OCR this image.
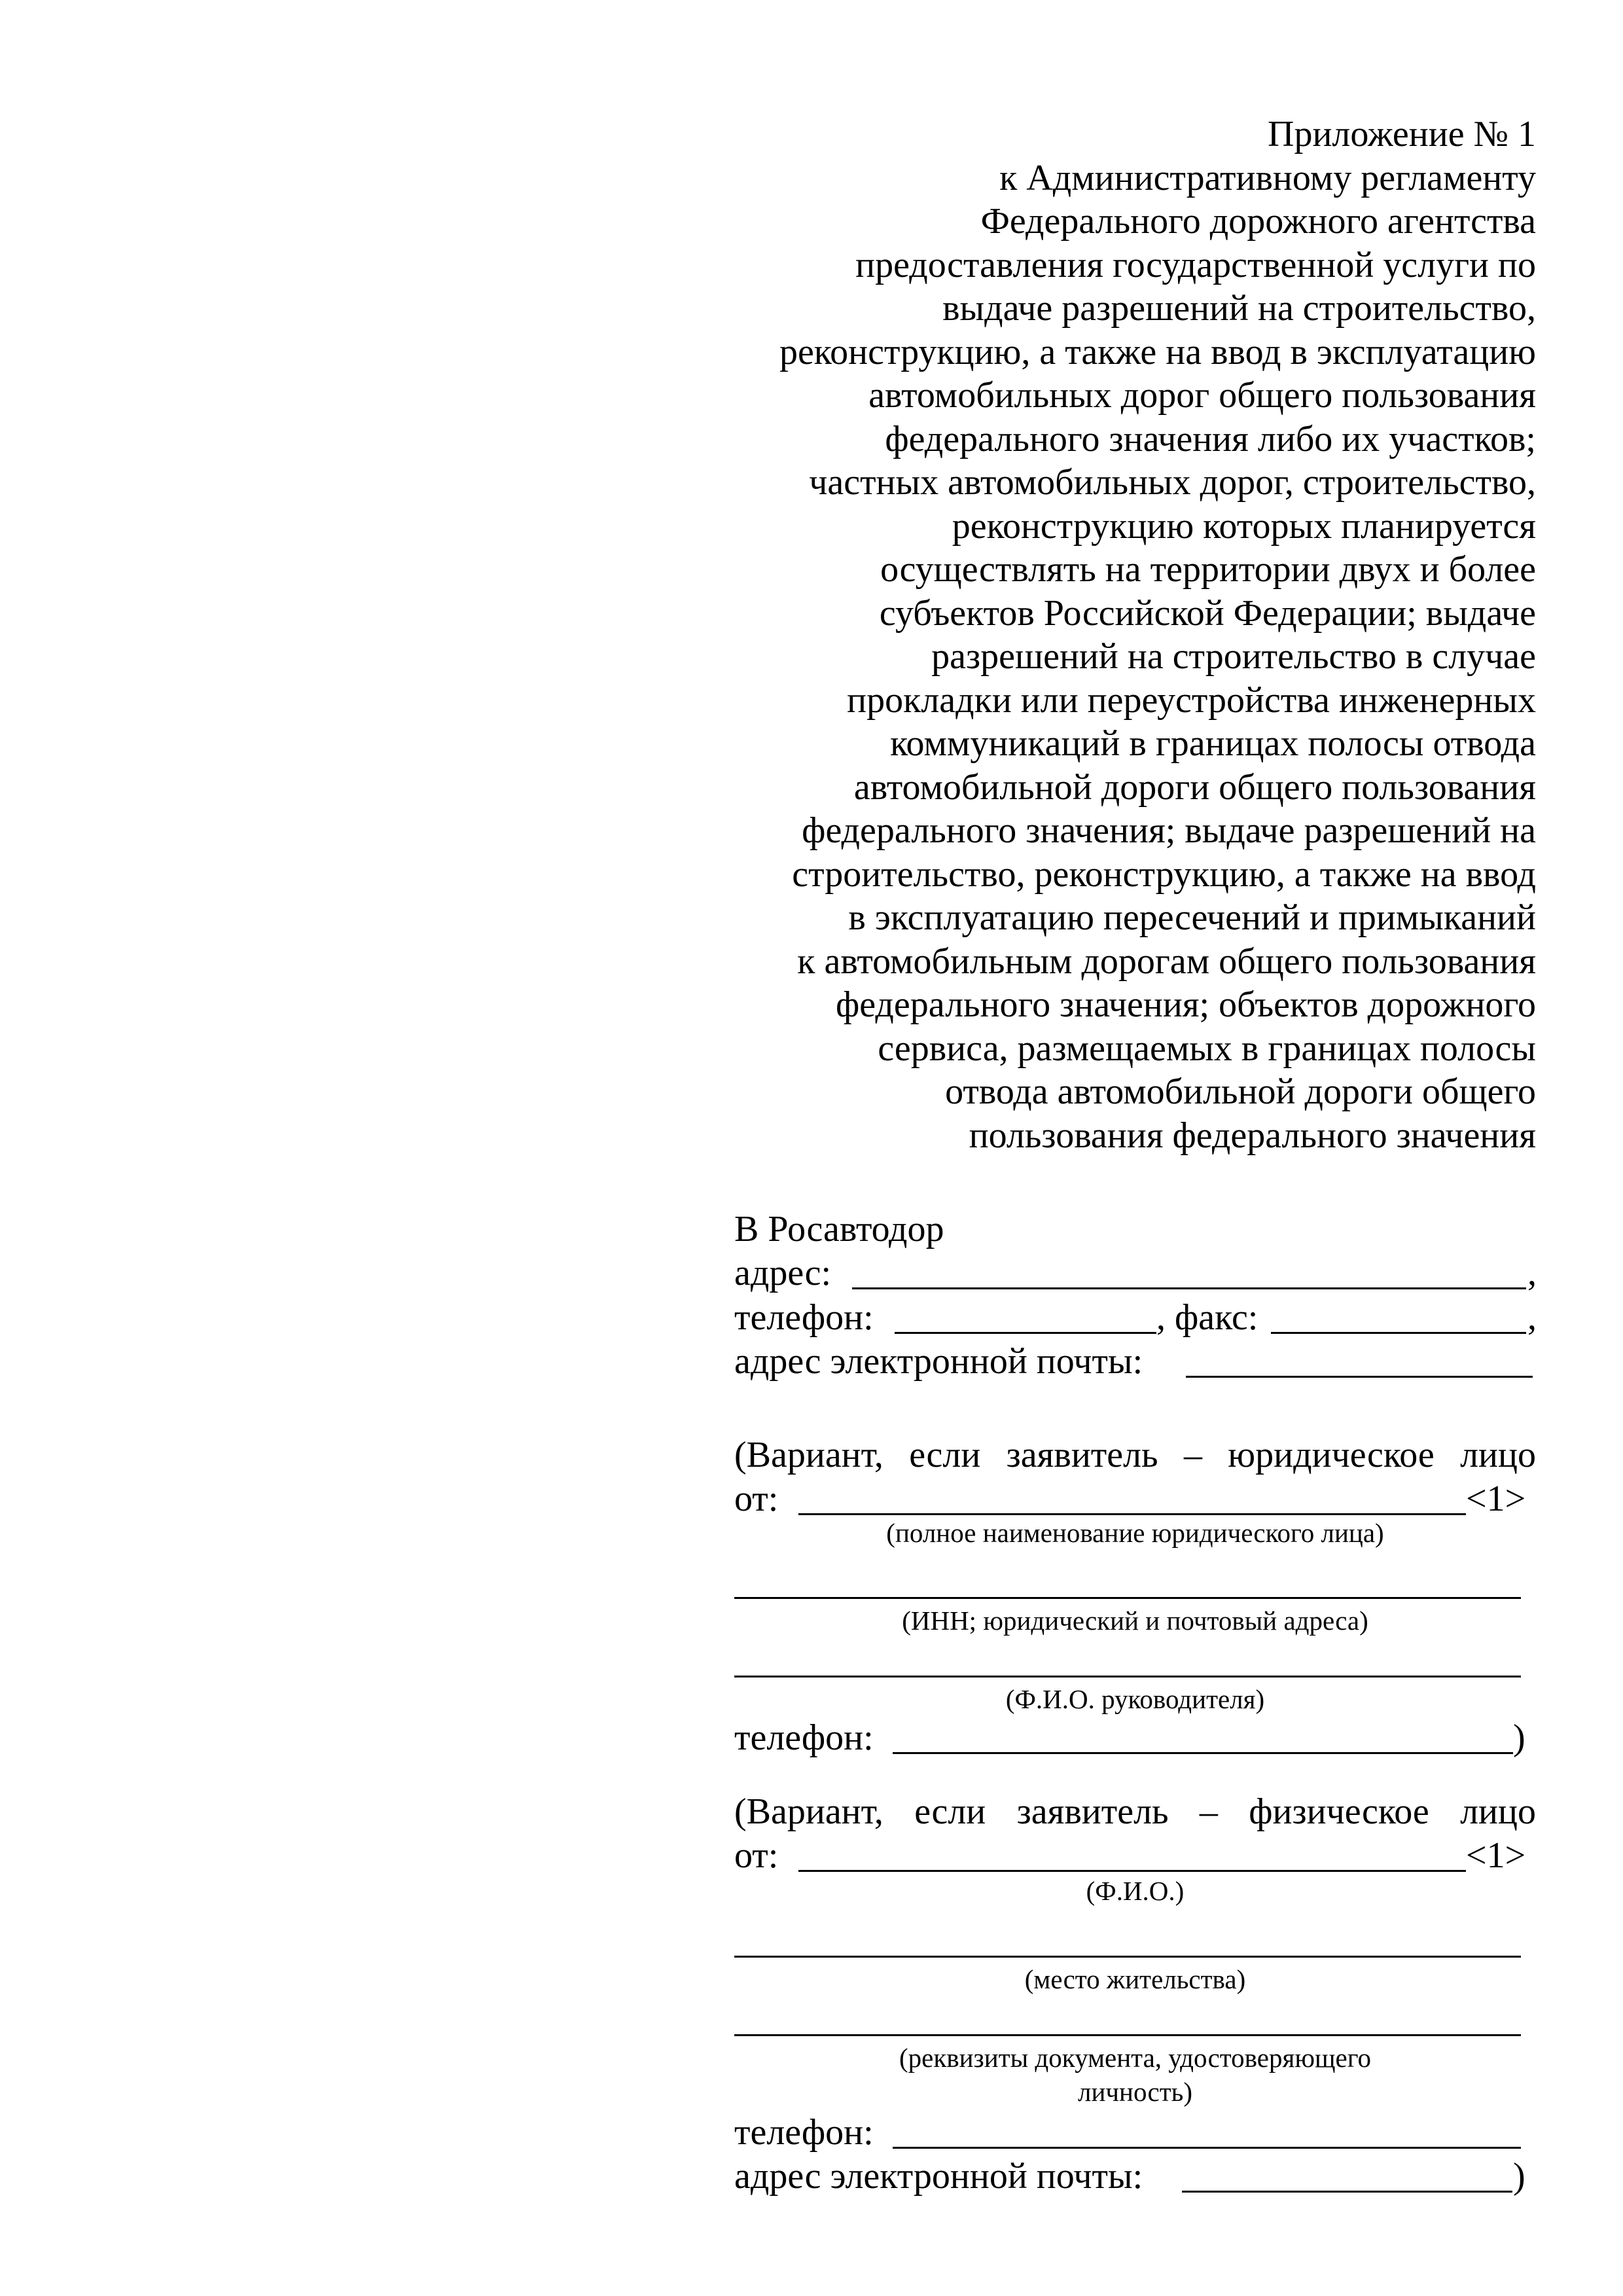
Приложение № 1
к Административному регламенту
Федерального дорожного агентства
предоставления государственной услуги по
выдаче разрешений на строительство,
реконструкцию, а также на ввод в эксплуатацию
автомобильных дорог общего пользования
федерального значения либо их участков;
частных автомобильных дорог, строительство,
реконструкцию которых планируется
осуществлять на территории двух и более
субъектов Российской Федерации; выдаче
разрешений на строительство в случае
прокладки или переустройства инженерных
коммуникаций в границах полосы отвода
автомобильной дороги общего пользования
федерального значения; выдаче разрешений на
строительство, реконструкцию, а также на ввод
в эксплуатацию пересечений и примыканий
к автомобильным дорогам общего пользования
федерального значения; объектов дорожного
сервиса, размещаемых в границах полосы
отвода автомобильной дороги общего
пользования федерального значения
В Росавтодор
адрес:	,
телефон:	, факс:	,
адрес электронной почты:
(Вариант, если заявитель – юридическое лицо
от:	<1>
(полное наименование юридического лица)
(ИНН; юридический и почтовый адреса)
(Ф.И.О. руководителя)
телефон:	)
(Вариант, если заявитель – физическое лицо
от:	<1>
(Ф.И.О.)
(место жительства)
(реквизиты документа, удостоверяющего
личность)
телефон:
адрес электронной почты:	)
